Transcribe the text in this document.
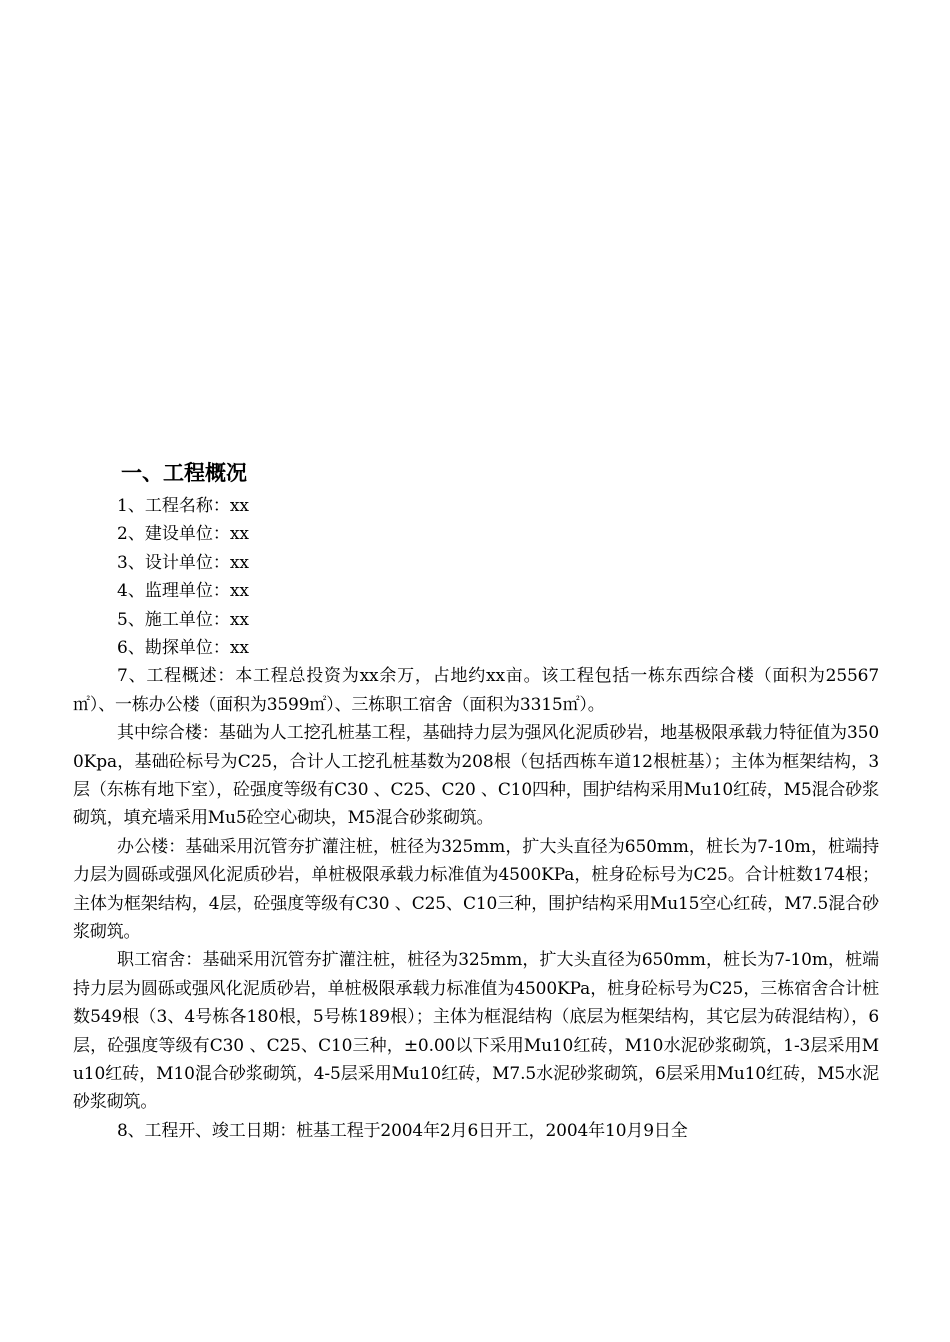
一、工程概况

1、工程名称：xx

2、建设单位：xx

3、设计单位：xx

4、监理单位：xx

5、施工单位：xx

6、勘探单位：xx

7、工程概述：本工程总投资为xx余万，占地约xx亩。该工程包括一栋东西综合楼（面积为25567㎡）、一栋办公楼（面积为3599㎡）、三栋职工宿舍（面积为3315㎡）。

其中综合楼：基础为人工挖孔桩基工程，基础持力层为强风化泥质砂岩，地基极限承载力特征值为3500Kpa，基础砼标号为C25，合计人工挖孔桩基数为208根（包括西栋车道12根桩基）；主体为框架结构，3层（东栋有地下室），砼强度等级有C30 、C25、C20 、C10四种，围护结构采用Mu10红砖，M5混合砂浆砌筑，填充墙采用Mu5砼空心砌块，M5混合砂浆砌筑。

办公楼：基础采用沉管夯扩灌注桩，桩径为325mm，扩大头直径为650mm，桩长为7-10m，桩端持力层为圆砾或强风化泥质砂岩，单桩极限承载力标准值为4500KPa，桩身砼标号为C25。合计桩数174根；主体为框架结构，4层，砼强度等级有C30 、C25、C10三种，围护结构采用Mu15空心红砖，M7.5混合砂浆砌筑。

职工宿舍：基础采用沉管夯扩灌注桩，桩径为325mm，扩大头直径为650mm，桩长为7-10m，桩端持力层为圆砾或强风化泥质砂岩，单桩极限承载力标准值为4500KPa，桩身砼标号为C25，三栋宿舍合计桩数549根（3、4号栋各180根，5号栋189根）；主体为框混结构（底层为框架结构，其它层为砖混结构），6层，砼强度等级有C30 、C25、C10三种，±0.00以下采用Mu10红砖，M10水泥砂浆砌筑，1-3层采用Mu10红砖，M10混合砂浆砌筑，4-5层采用Mu10红砖，M7.5水泥砂浆砌筑，6层采用Mu10红砖，M5水泥砂浆砌筑。

8、工程开、竣工日期：桩基工程于2004年2月6日开工，2004年10月9日全
